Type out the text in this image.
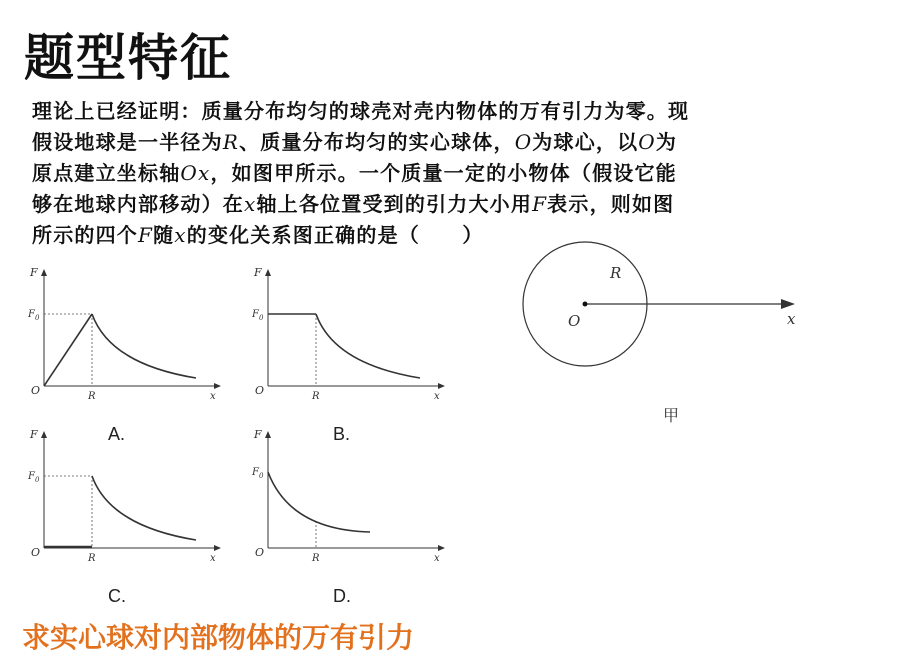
题型特征
理论上已经证明：质量分布均匀的球壳对壳内物体的万有引力为零。现
假设地球是一半径为R、质量分布均匀的实心球体，O为球心，以O为
原点建立坐标轴Ox，如图甲所示。一个质量一定的小物体（假设它能
够在地球内部移动）在x轴上各位置受到的引力大小用F表示，则如图
所示的四个F随x的变化关系图正确的是（　　）
F
$F_0$
O	R	x
A.
F
$F_0$
O	R	x
B.
F
$F_0$
O	R	x
C.
F
$F_0$
O	R	x
D.
R
O	x
甲
求实心球对内部物体的万有引力
